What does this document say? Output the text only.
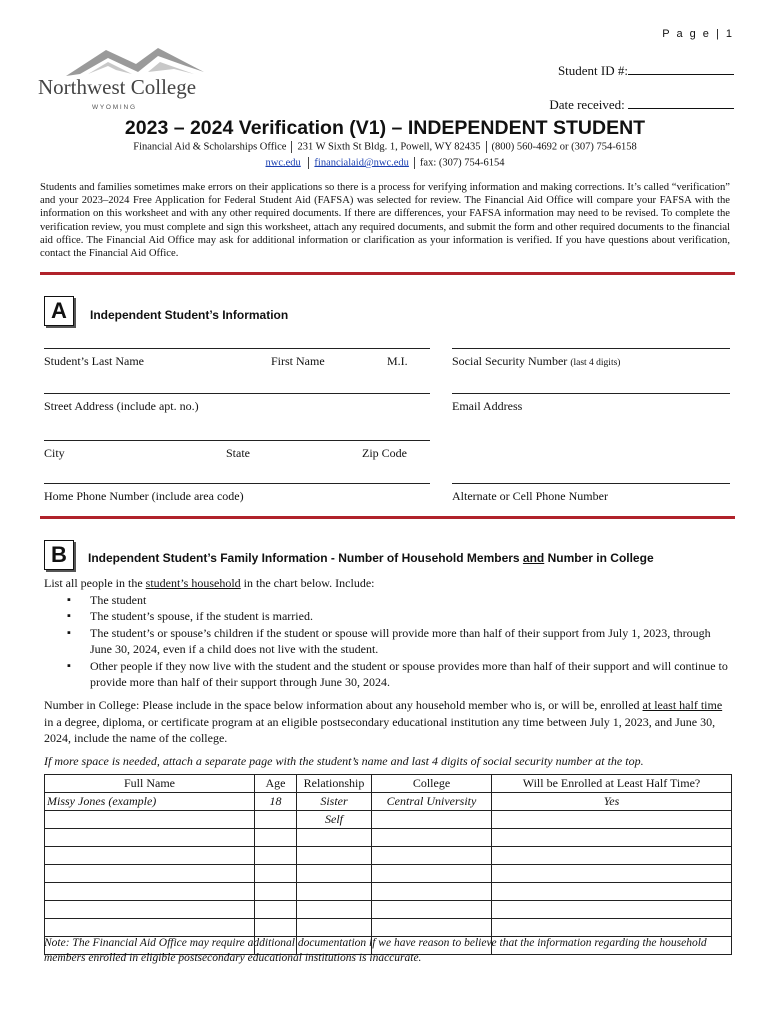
P a g e | 1
Northwest College
W Y O M I N G
Student ID #:
Date received:
2023 – 2024 Verification (V1) – INDEPENDENT STUDENT
Financial Aid & Scholarships Office 231 W Sixth St Bldg. 1, Powell, WY 82435 (800) 560-4692 or (307) 754-6158
nwc.edu financialaid@nwc.edu fax: (307) 754-6154
Students and families sometimes make errors on their applications so there is a process for verifying information and making corrections. It’s called “verification” and your 2023–2024 Free Application for Federal Student Aid (FAFSA) was selected for review. The Financial Aid Office will compare your FAFSA with the information on this worksheet and with any other required documents. If there are differences, your FAFSA information may need to be revised. To complete the verification review, you must complete and sign this worksheet, attach any required documents, and submit the form and other required documents to the financial aid office. The Financial Aid Office may ask for additional information or clarification as your information is verified. If you have questions about verification, contact the Financial Aid Office.
A	Independent Student’s Information
Student’s Last Name	First Name	M.I.	Social Security Number (last 4 digits)
Street Address (include apt. no.)	Email Address
City	State	Zip Code
Home Phone Number (include area code)	Alternate or Cell Phone Number
B	Independent Student’s Family Information - Number of Household Members and Number in College
List all people in the student’s household in the chart below. Include:
▪ The student
▪ The student’s spouse, if the student is married.
▪ The student’s or spouse’s children if the student or spouse will provide more than half of their support from July 1, 2023, through June 30, 2024, even if a child does not live with the student.
▪ Other people if they now live with the student and the student or spouse provides more than half of their support and will continue to provide more than half of their support through June 30, 2024.
Number in College: Please include in the space below information about any household member who is, or will be, enrolled at least half time in a degree, diploma, or certificate program at an eligible postsecondary educational institution any time between July 1, 2023, and June 30, 2024, include the name of the college.
If more space is needed, attach a separate page with the student’s name and last 4 digits of social security number at the top.
Full Name	Age	Relationship	College	Will be Enrolled at Least Half Time?
Missy Jones (example)	18	Sister	Central University	Yes
		Self		

Note: The Financial Aid Office may require additional documentation if we have reason to believe that the information regarding the household members enrolled in eligible postsecondary educational institutions is inaccurate.
